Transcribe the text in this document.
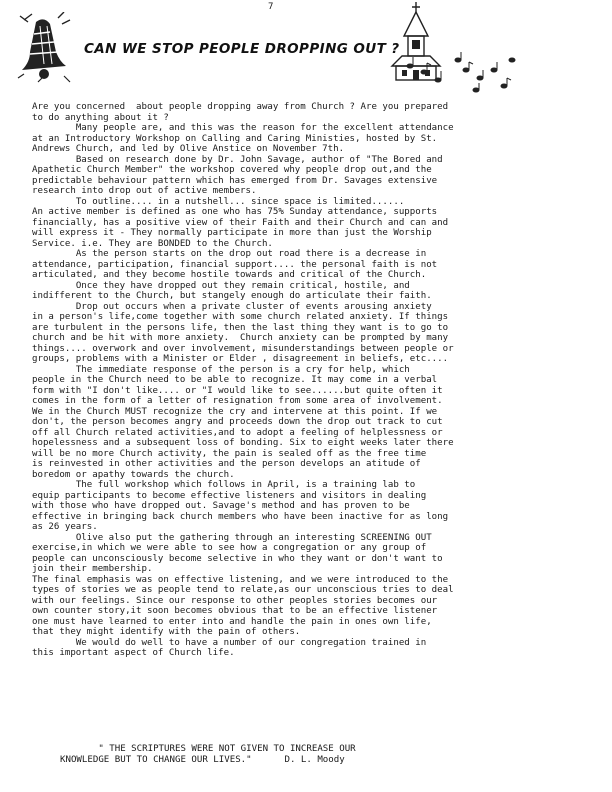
7
CAN WE STOP PEOPLE DROPPING OUT ?

Are you concerned  about people dropping away from Church ? Are you prepared
to do anything about it ?

Many people are, and this was the reason for the excellent attendance
at an Introductory Workshop on Calling and Caring Ministies, hosted by St.
Andrews Church, and led by Olive Anstice on November 7th.

Based on research done by Dr. John Savage, author of "The Bored and
Apathetic Church Member" the workshop covered why people drop out,and the
predictable behaviour pattern which has emerged from Dr. Savages extensive
research into drop out of active members.

To outline.... in a nutshell... since space is limited......
An active member is defined as one who has 75% Sunday attendance, supports
financially, has a positive view of their Faith and their Church and can and
will express it - They normally participate in more than just the Worship
Service. i.e. They are BONDED to the Church.

As the person starts on the drop out road there is a decrease in
attendance, participation, financial support.... the personal faith is not
articulated, and they become hostile towards and critical of the Church.

Once they have dropped out they remain critical, hostile, and
indifferent to the Church, but stangely enough do articulate their faith.

Drop out occurs when a private cluster of events arousing anxiety
in a person's life,come together with some church related anxiety. If things
are turbulent in the persons life, then the last thing they want is to go to
church and be hit with more anxiety.  Church anxiety can be prompted by many
things.... overwork and over involvement, misunderstandings between people or
groups, problems with a Minister or Elder , disagreement in beliefs, etc....

The immediate response of the person is a cry for help, which
people in the Church need to be able to recognize. It may come in a verbal
form with "I don't like.... or "I would like to see......but quite often it
comes in the form of a letter of resignation from some area of involvement.
We in the Church MUST recognize the cry and intervene at this point. If we
don't, the person becomes angry and proceeds down the drop out track to cut
off all Church related activities,and to adopt a feeling of helplessness or
hopelessness and a subsequent loss of bonding. Six to eight weeks later there
will be no more Church activity, the pain is sealed off as the free time
is reinvested in other activities and the person develops an atitude of
boredom or apathy towards the church.

The full workshop which follows in April, is a training lab to
equip participants to become effective listeners and visitors in dealing
with those who have dropped out. Savage's method and has proven to be
effective in bringing back church members who have been inactive for as long
as 26 years.

Olive also put the gathering through an interesting SCREENING OUT
exercise,in which we were able to see how a congregation or any group of
people can unconsciously become selective in who they want or don't want to
join their membership.
The final emphasis was on effective listening, and we were introduced to the
types of stories we as people tend to relate,as our unconscious tries to deal
with our feelings. Since our response to other peoples stories becomes our
own counter story,it soon becomes obvious that to be an effective listener
one must have learned to enter into and handle the pain in ones own life,
that they might identify with the pain of others.

We would do well to have a number of our congregation trained in
this important aspect of Church life.

" THE SCRIPTURES WERE NOT GIVEN TO INCREASE OUR

KNOWLEDGE BUT TO CHANGE OUR LIVES."      D. L. Moody
